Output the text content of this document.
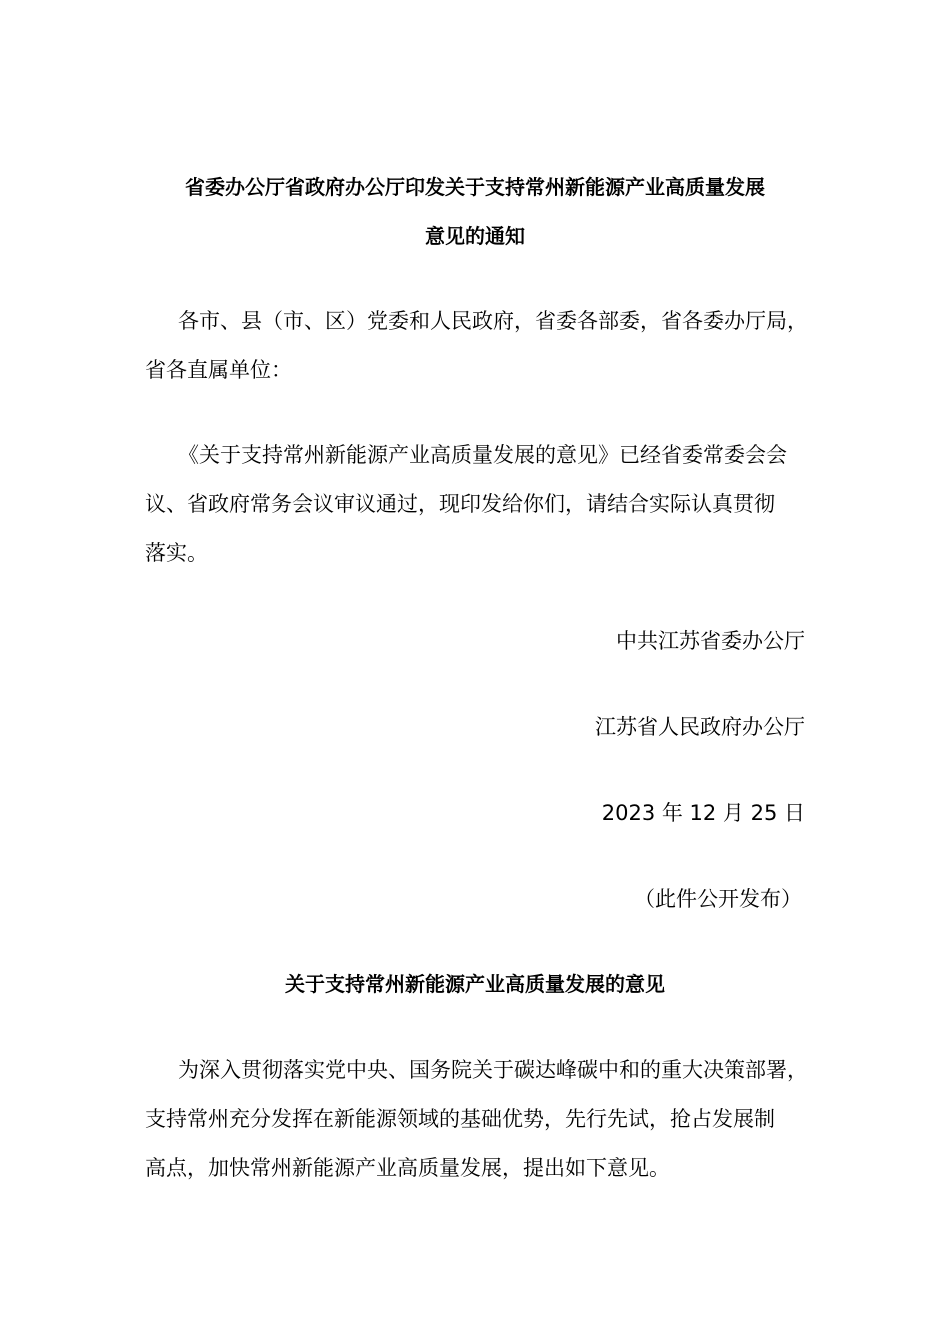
省委办公厅省政府办公厅印发关于支持常州新能源产业高质量发展
意见的通知
各市、县（市、区）党委和人民政府，省委各部委，省各委办厅局，
省各直属单位：
《关于支持常州新能源产业高质量发展的意见》已经省委常委会会
议、省政府常务会议审议通过，现印发给你们，请结合实际认真贯彻
落实。
中共江苏省委办公厅
江苏省人民政府办公厅
2023 年 12 月 25 日
（此件公开发布）
关于支持常州新能源产业高质量发展的意见
为深入贯彻落实党中央、国务院关于碳达峰碳中和的重大决策部署，
支持常州充分发挥在新能源领域的基础优势，先行先试，抢占发展制
高点，加快常州新能源产业高质量发展，提出如下意见。
